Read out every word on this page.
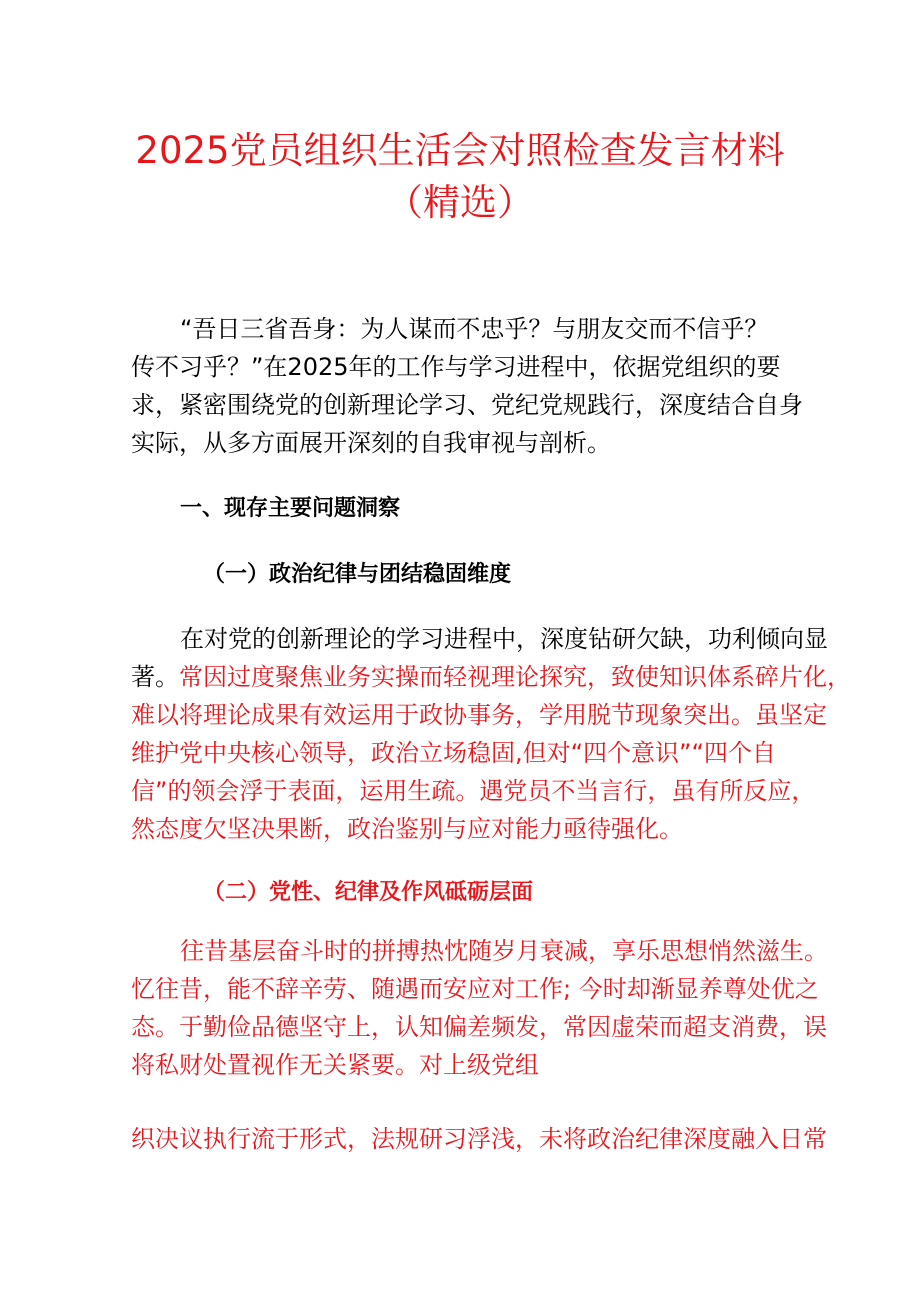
2025党员组织生活会对照检查发言材料
（精选）

“吾日三省吾身：为人谋而不忠乎？与朋友交而不信乎？
传不习乎？”在2025年的工作与学习进程中，依据党组织的要
求，紧密围绕党的创新理论学习、党纪党规践行，深度结合自身
实际，从多方面展开深刻的自我审视与剖析。

一、现存主要问题洞察
（一）政治纪律与团结稳固维度

在对党的创新理论的学习进程中，深度钻研欠缺，功利倾向显
著。常因过度聚焦业务实操而轻视理论探究，致使知识体系碎片化，
难以将理论成果有效运用于政协事务，学用脱节现象突出。虽坚定
维护党中央核心领导，政治立场稳固,但对“四个意识”“四个自
信”的领会浮于表面，运用生疏。遇党员不当言行，虽有所反应，
然态度欠坚决果断，政治鉴别与应对能力亟待强化。

（二）党性、纪律及作风砥砺层面

往昔基层奋斗时的拼搏热忱随岁月衰减，享乐思想悄然滋生。
忆往昔，能不辞辛劳、随遇而安应对工作; 今时却渐显养尊处优之
态。于勤俭品德坚守上，认知偏差频发，常因虚荣而超支消费，误
将私财处置视作无关紧要。对上级党组

织决议执行流于形式，法规研习浮浅，未将政治纪律深度融入日常
